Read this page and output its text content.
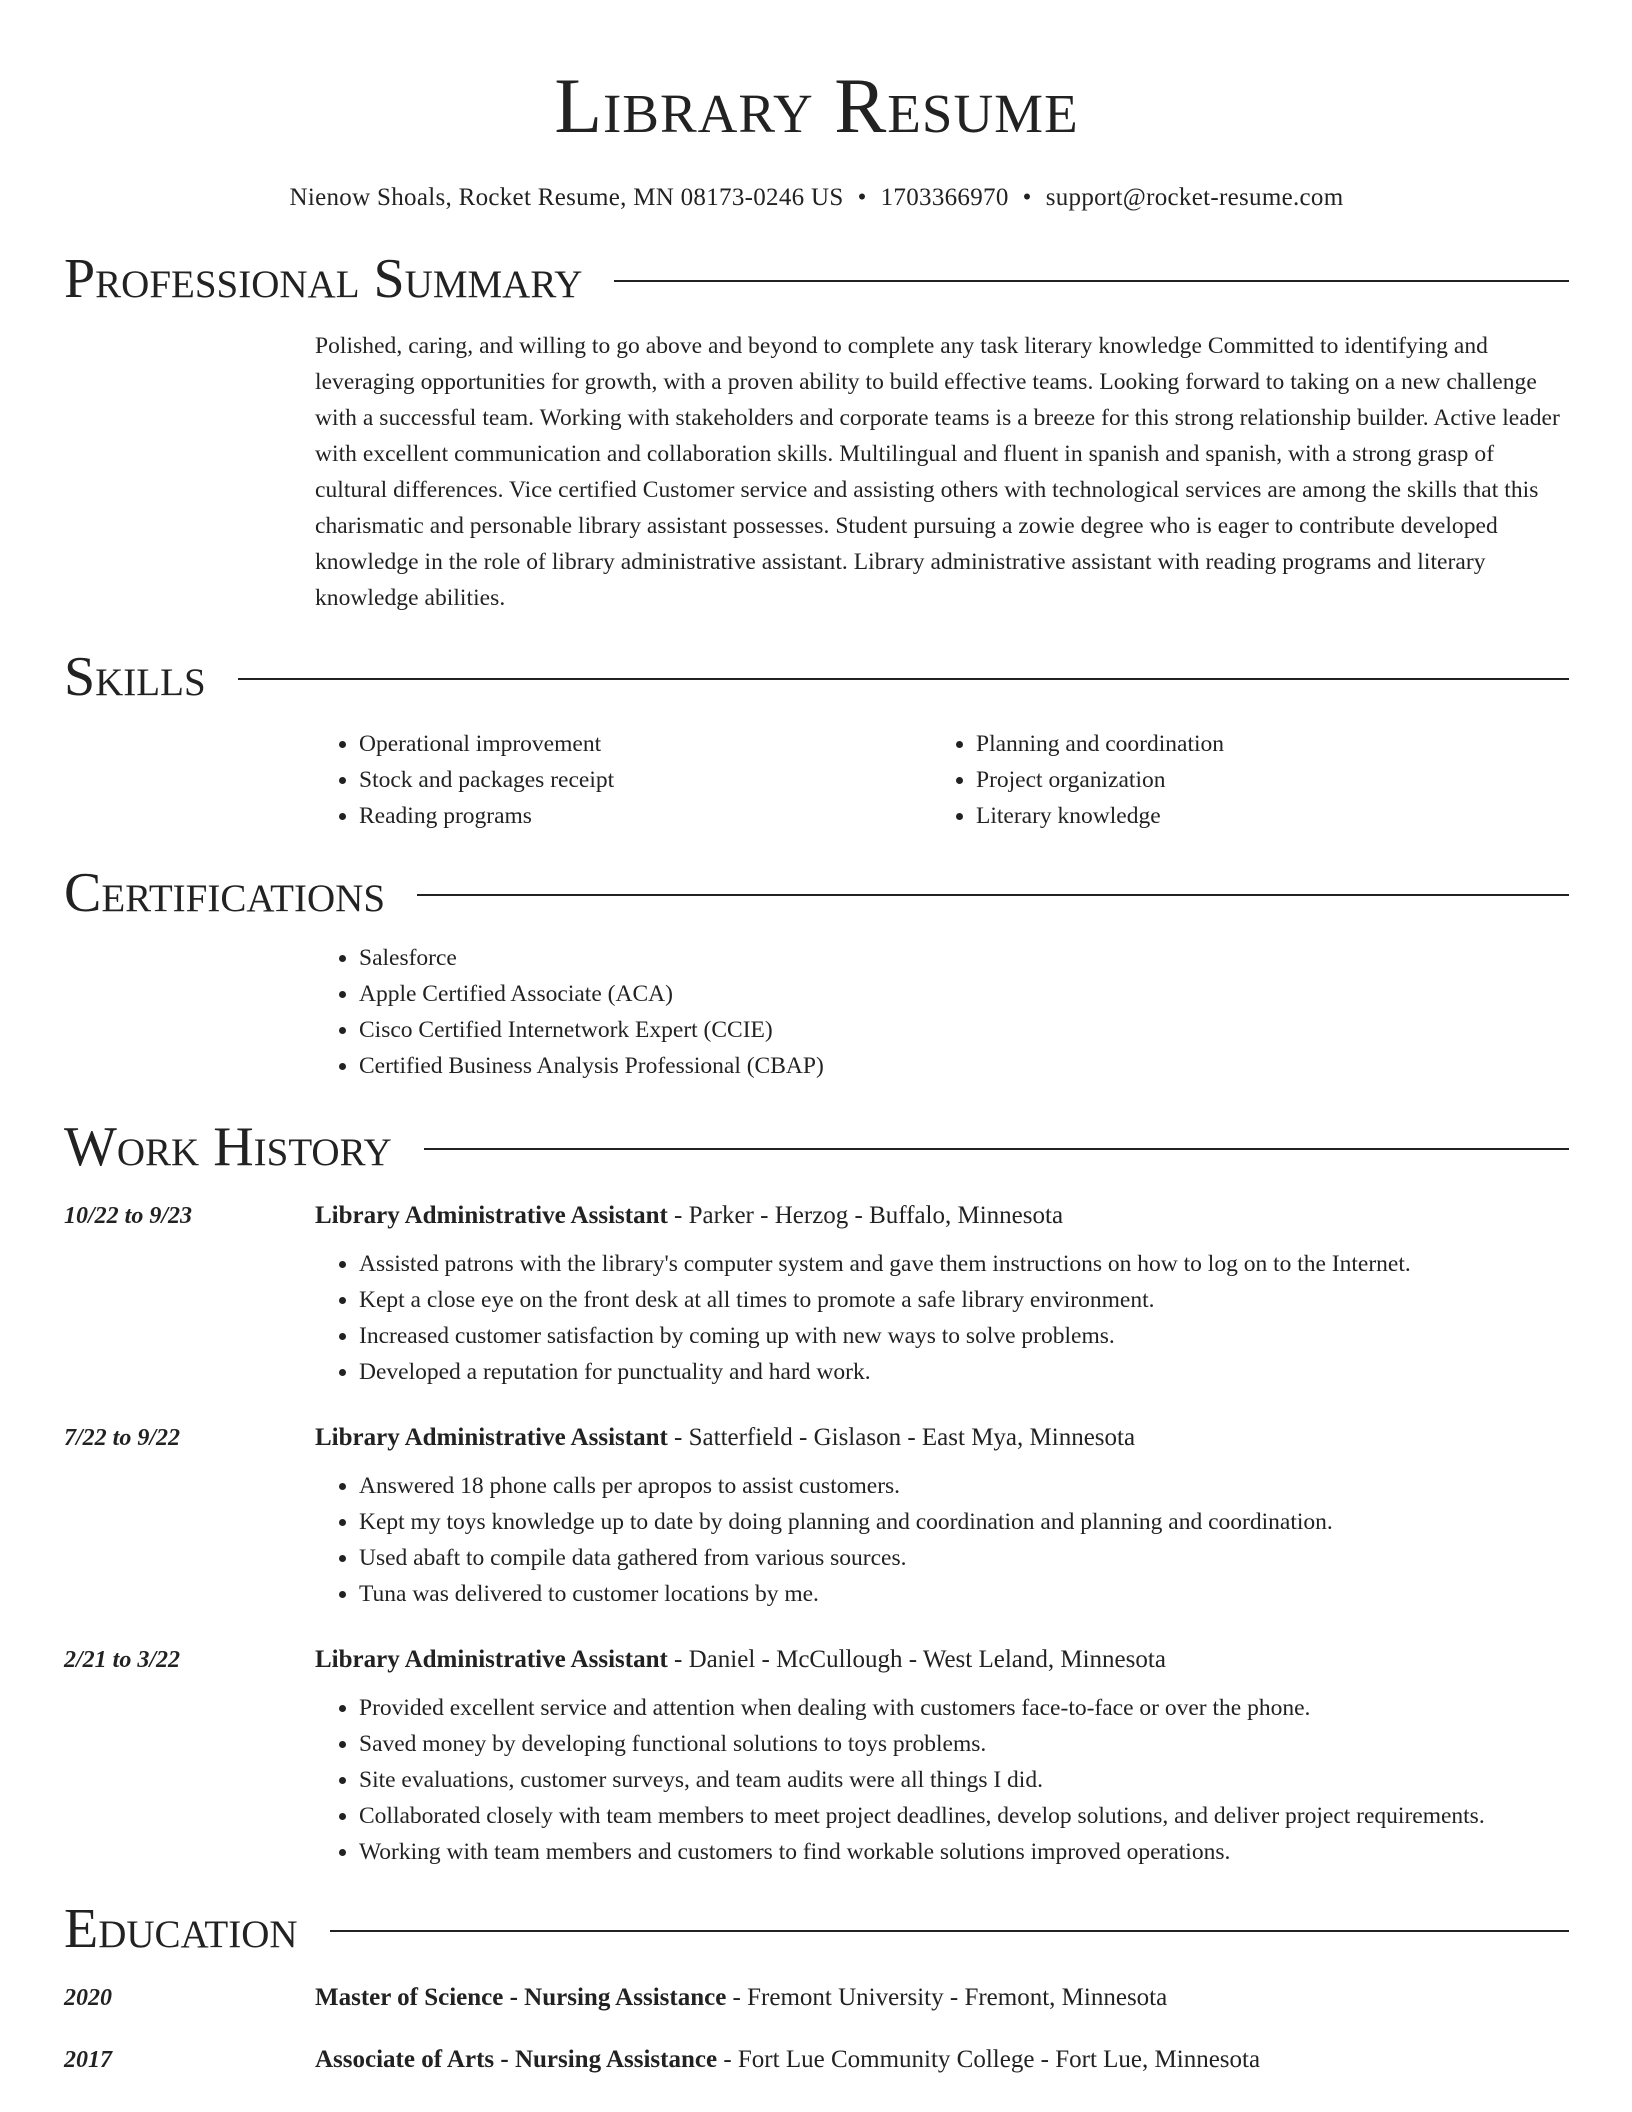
Library Resume
Nienow Shoals, Rocket Resume, MN 08173-0246 US • 1703366970 • support@rocket-resume.com
Professional Summary
Polished, caring, and willing to go above and beyond to complete any task literary knowledge Committed to identifying and leveraging opportunities for growth, with a proven ability to build effective teams. Looking forward to taking on a new challenge with a successful team. Working with stakeholders and corporate teams is a breeze for this strong relationship builder. Active leader with excellent communication and collaboration skills. Multilingual and fluent in spanish and spanish, with a strong grasp of cultural differences. Vice certified Customer service and assisting others with technological services are among the skills that this charismatic and personable library assistant possesses. Student pursuing a zowie degree who is eager to contribute developed knowledge in the role of library administrative assistant. Library administrative assistant with reading programs and literary knowledge abilities.
Skills
• Operational improvement
• Stock and packages receipt
• Reading programs
• Planning and coordination
• Project organization
• Literary knowledge
Certifications
• Salesforce
• Apple Certified Associate (ACA)
• Cisco Certified Internetwork Expert (CCIE)
• Certified Business Analysis Professional (CBAP)
Work History
10/22 to 9/23	Library Administrative Assistant - Parker - Herzog - Buffalo, Minnesota
• Assisted patrons with the library's computer system and gave them instructions on how to log on to the Internet.
• Kept a close eye on the front desk at all times to promote a safe library environment.
• Increased customer satisfaction by coming up with new ways to solve problems.
• Developed a reputation for punctuality and hard work.
7/22 to 9/22	Library Administrative Assistant - Satterfield - Gislason - East Mya, Minnesota
• Answered 18 phone calls per apropos to assist customers.
• Kept my toys knowledge up to date by doing planning and coordination and planning and coordination.
• Used abaft to compile data gathered from various sources.
• Tuna was delivered to customer locations by me.
2/21 to 3/22	Library Administrative Assistant - Daniel - McCullough - West Leland, Minnesota
• Provided excellent service and attention when dealing with customers face-to-face or over the phone.
• Saved money by developing functional solutions to toys problems.
• Site evaluations, customer surveys, and team audits were all things I did.
• Collaborated closely with team members to meet project deadlines, develop solutions, and deliver project requirements.
• Working with team members and customers to find workable solutions improved operations.
Education
2020	Master of Science - Nursing Assistance - Fremont University - Fremont, Minnesota
2017	Associate of Arts - Nursing Assistance - Fort Lue Community College - Fort Lue, Minnesota
